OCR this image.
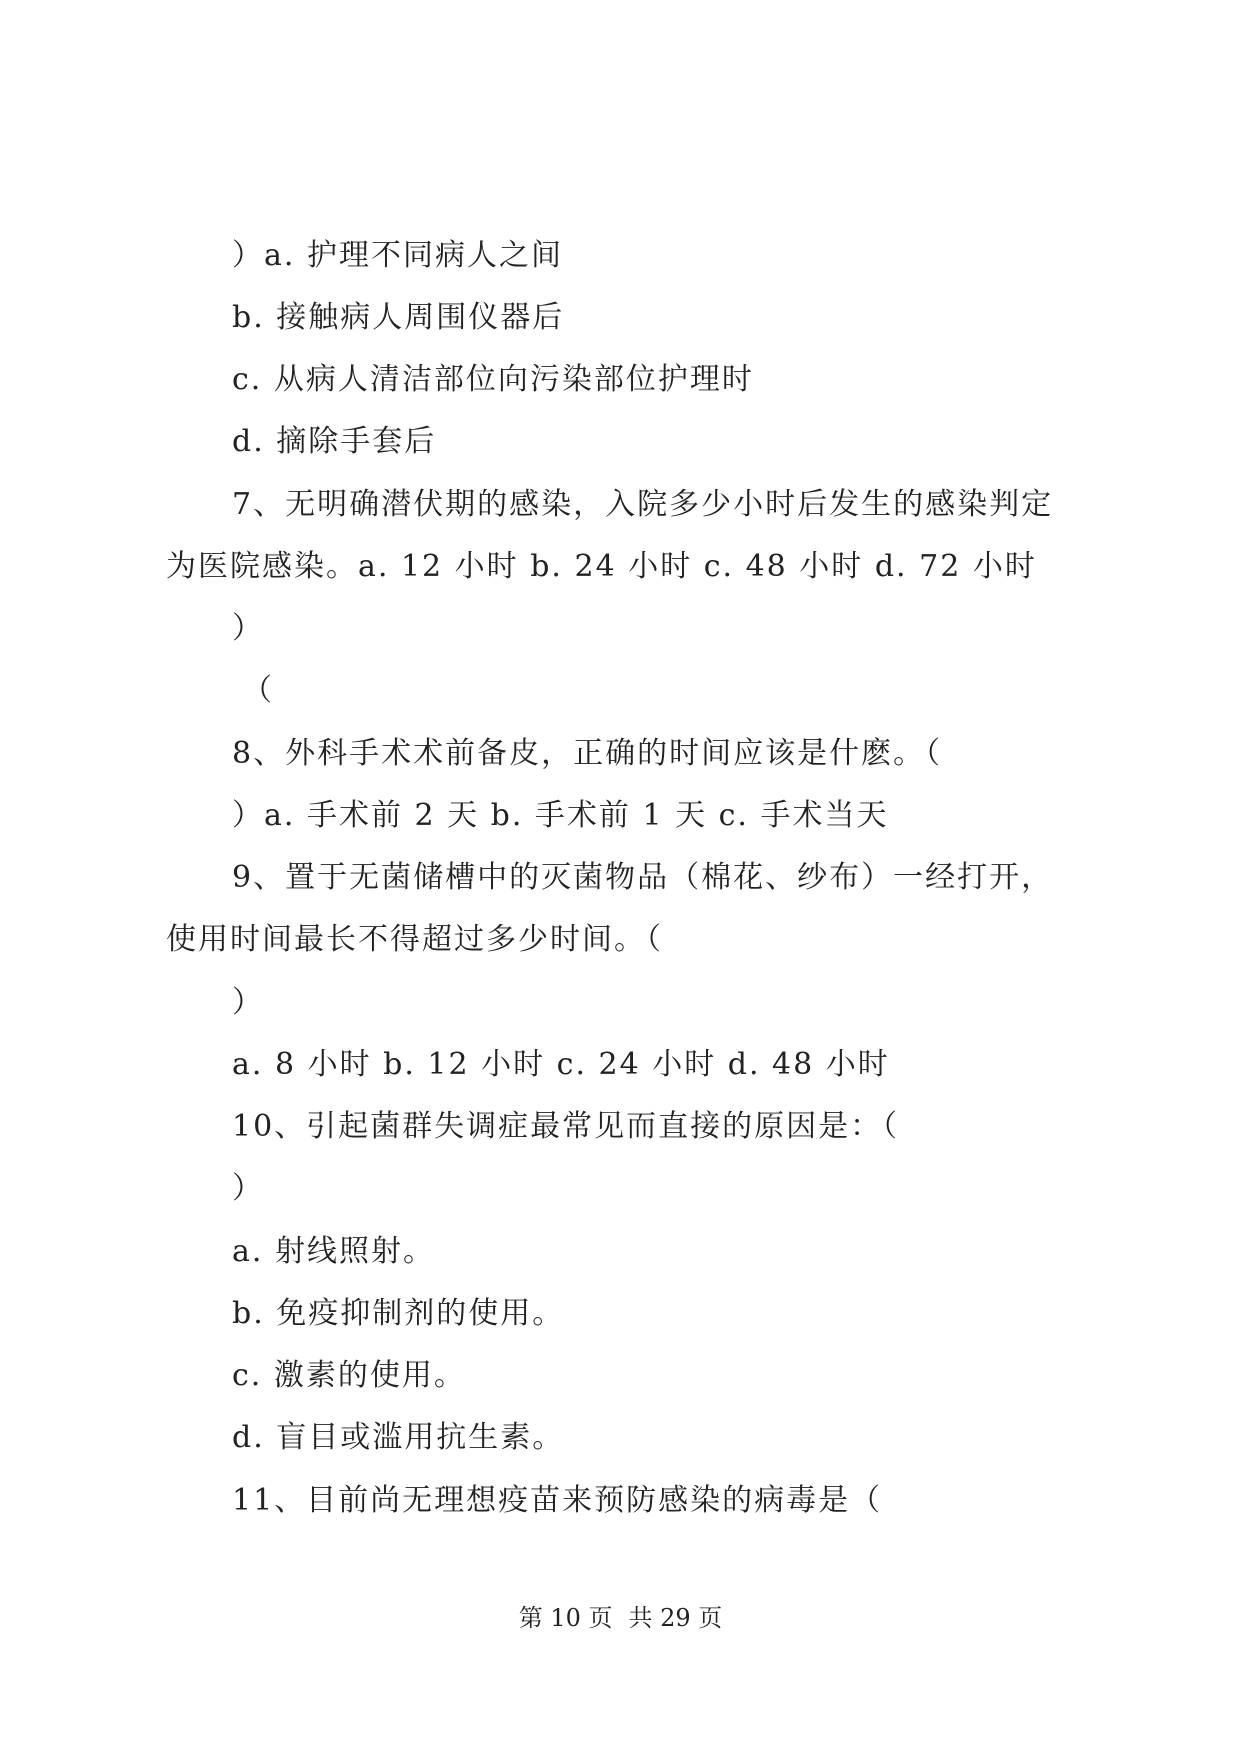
）a. 护理不同病人之间
b. 接触病人周围仪器后
c. 从病人清洁部位向污染部位护理时
d. 摘除手套后
7、无明确潜伏期的感染，入院多少小时后发生的感染判定
为医院感染。a. 12 小时 b. 24 小时 c. 48 小时 d. 72 小时
）
（
8、外科手术术前备皮，正确的时间应该是什麽。（
）a. 手术前 2 天 b. 手术前 1 天 c. 手术当天
9、置于无菌储槽中的灭菌物品（棉花、纱布）一经打开，
使用时间最长不得超过多少时间。（
）
a. 8 小时 b. 12 小时 c. 24 小时 d. 48 小时
10、引起菌群失调症最常见而直接的原因是：（
）
a. 射线照射。
b. 免疫抑制剂的使用。
c. 激素的使用。
d. 盲目或滥用抗生素。
11、目前尚无理想疫苗来预防感染的病毒是（
第 10 页 共 29 页
